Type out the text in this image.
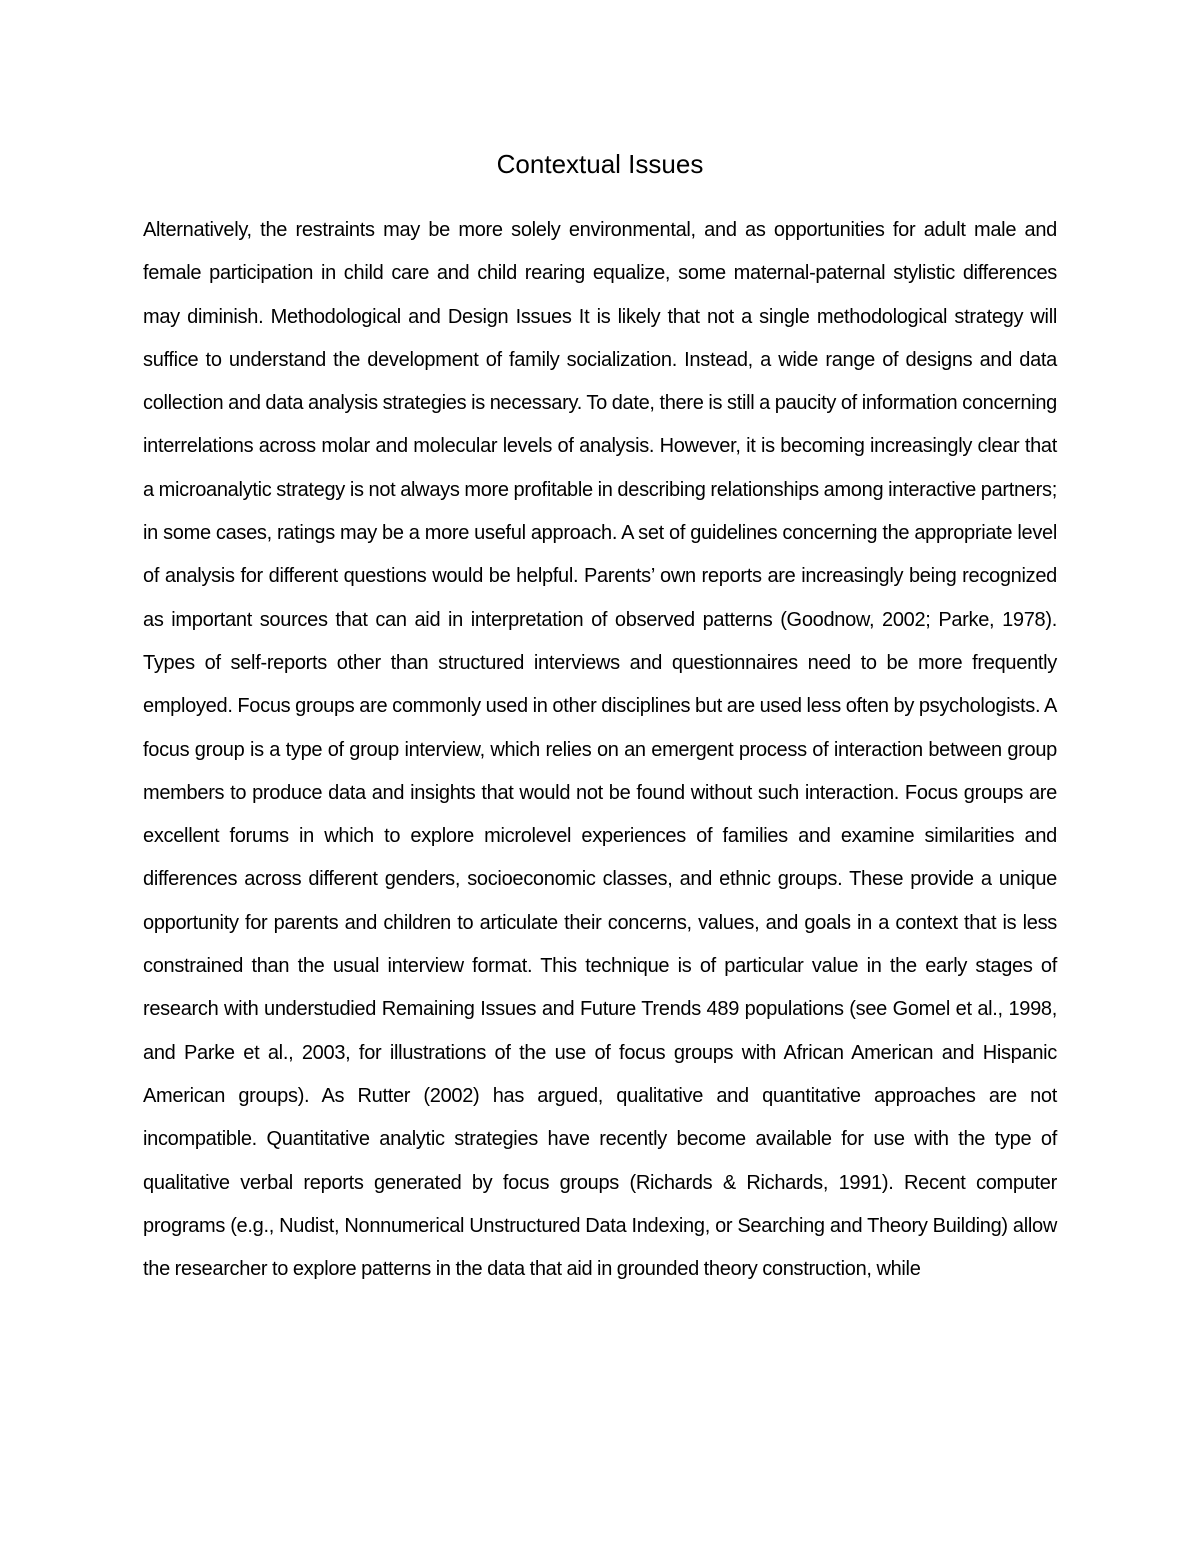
Contextual Issues

Alternatively, the restraints may be more solely environmental, and as opportunities for adult male and female participation in child care and child rearing equalize, some maternal-paternal stylistic differences may diminish. Methodological and Design Issues It is likely that not a single methodological strategy will suffice to understand the development of family socialization. Instead, a wide range of designs and data collection and data analysis strategies is necessary. To date, there is still a paucity of information concerning interrelations across molar and molecular levels of analysis. However, it is becoming increasingly clear that a microanalytic strategy is not always more profitable in describing relationships among interactive partners; in some cases, ratings may be a more useful approach. A set of guidelines concerning the appropriate level of analysis for different questions would be helpful. Parents’ own reports are increasingly being recognized as important sources that can aid in interpretation of observed patterns (Goodnow, 2002; Parke, 1978). Types of self-reports other than structured interviews and questionnaires need to be more frequently employed. Focus groups are commonly used in other disciplines but are used less often by psychologists. A focus group is a type of group interview, which relies on an emergent process of interaction between group members to produce data and insights that would not be found without such interaction. Focus groups are excellent forums in which to explore microlevel experiences of families and examine similarities and differences across different genders, socioeconomic classes, and ethnic groups. These provide a unique opportunity for parents and children to articulate their concerns, values, and goals in a context that is less constrained than the usual interview format. This technique is of particular value in the early stages of research with understudied Remaining Issues and Future Trends 489 populations (see Gomel et al., 1998, and Parke et al., 2003, for illustrations of the use of focus groups with African American and Hispanic American groups). As Rutter (2002) has argued, qualitative and quantitative approaches are not incompatible. Quantitative analytic strategies have recently become available for use with the type of qualitative verbal reports generated by focus groups (Richards & Richards, 1991). Recent computer programs (e.g., Nudist, Nonnumerical Unstructured Data Indexing, or Searching and Theory Building) allow the researcher to explore patterns in the data that aid in grounded theory construction, while
